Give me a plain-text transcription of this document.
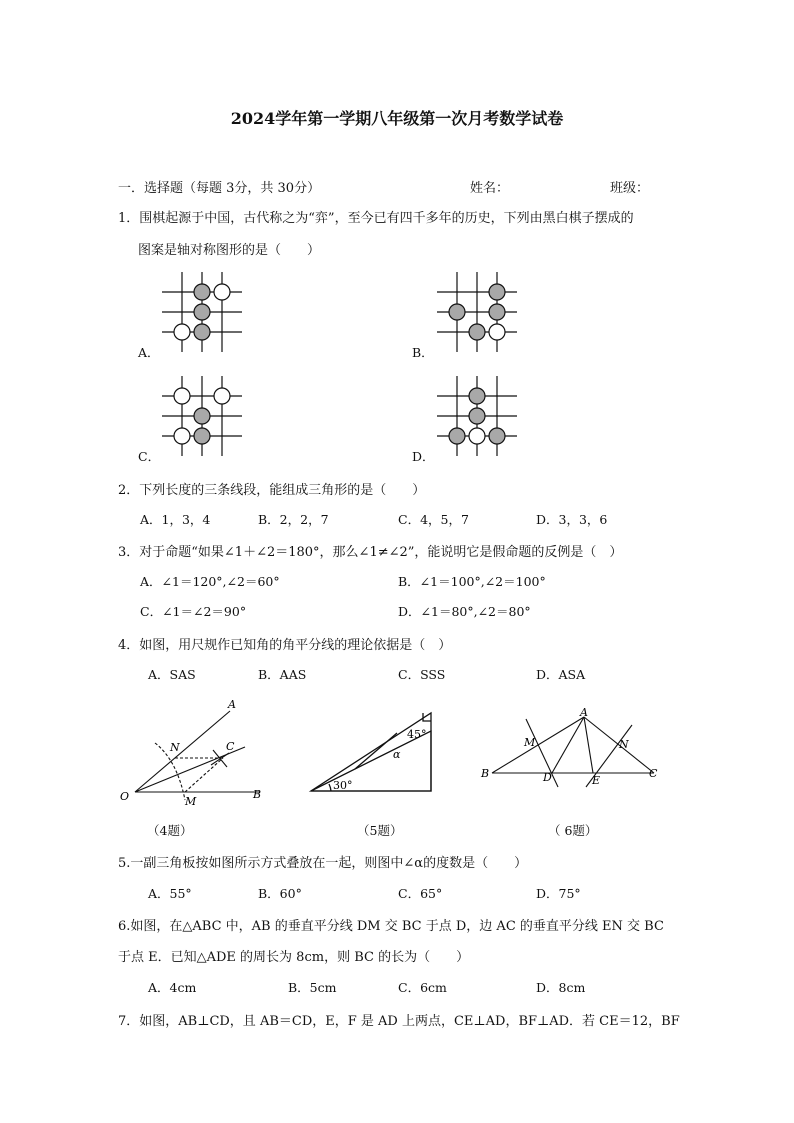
2024学年第一学期八年级第一次月考数学试卷
一．选择题（每题 3分，共 30分）	姓名：	班级：
1．围棋起源于中国，古代称之为“弈”，至今已有四千多年的历史，下列由黑白棋子摆成的
图案是轴对称图形的是（　　）
A．	B．
C．	D．
2．下列长度的三条线段，能组成三角形的是（　　）
A．1，3，4	B．2，2，7	C．4，5，7	D．3，3，6
3．对于命题“如果∠1＋∠2＝180°，那么∠1≠∠2”，能说明它是假命题的反例是（　）
A．∠1＝120°,∠2＝60°	B．∠1＝100°,∠2＝100°
C．∠1＝∠2＝90°	D．∠1＝80°,∠2＝80°
4．如图，用尺规作已知角的角平分线的理论依据是（　）
A．SAS	B．AAS	C．SSS	D．ASA
A
N	C
O	M
B
45°
α
30°
A
M	N
B	D	E
C
（4题）	（5题）	（ 6题）
5.一副三角板按如图所示方式叠放在一起，则图中∠α的度数是（　　）
A．55°	B．60°	C．65°	D．75°
6.如图，在△ABC 中，AB 的垂直平分线 DM 交 BC 于点 D，边 AC 的垂直平分线 EN 交 BC
于点 E．已知△ADE 的周长为 8cm，则 BC 的长为（　　）
A．4cm	B．5cm	C．6cm	D．8cm
7．如图，AB⊥CD，且 AB＝CD，E，F 是 AD 上两点，CE⊥AD，BF⊥AD．若 CE＝12，BF
